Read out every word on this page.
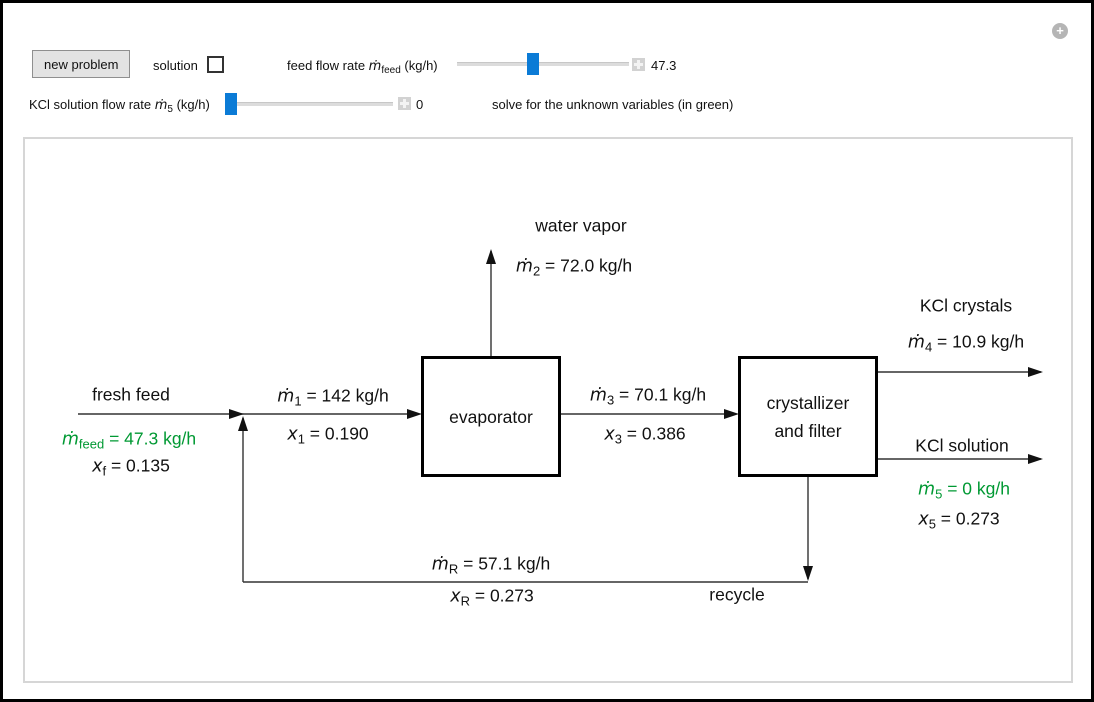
+
new problem	solution	feed flow rate ṁ$_{feed}$ (kg/h)	47.3
KCl solution flow rate ṁ$_5$ (kg/h)	0	solve for the unknown variables (in green)
evaporator
crystallizer
and filter
fresh feed
ṁ$_{feed}$ = 47.3 kg/h
$x_f = 0.135$
ṁ$_1$ = 142 kg/h
$x_1 = 0.190$
water vapor
ṁ$_2$ = 72.0 kg/h
ṁ$_3$ = 70.1 kg/h
$x_3 = 0.386$
KCl crystals
ṁ$_4$ = 10.9 kg/h
KCl solution
ṁ$_5$ = 0 kg/h
$x_5 = 0.273$
ṁ$_R$ = 57.1 kg/h
$x_R = 0.273$	recycle
